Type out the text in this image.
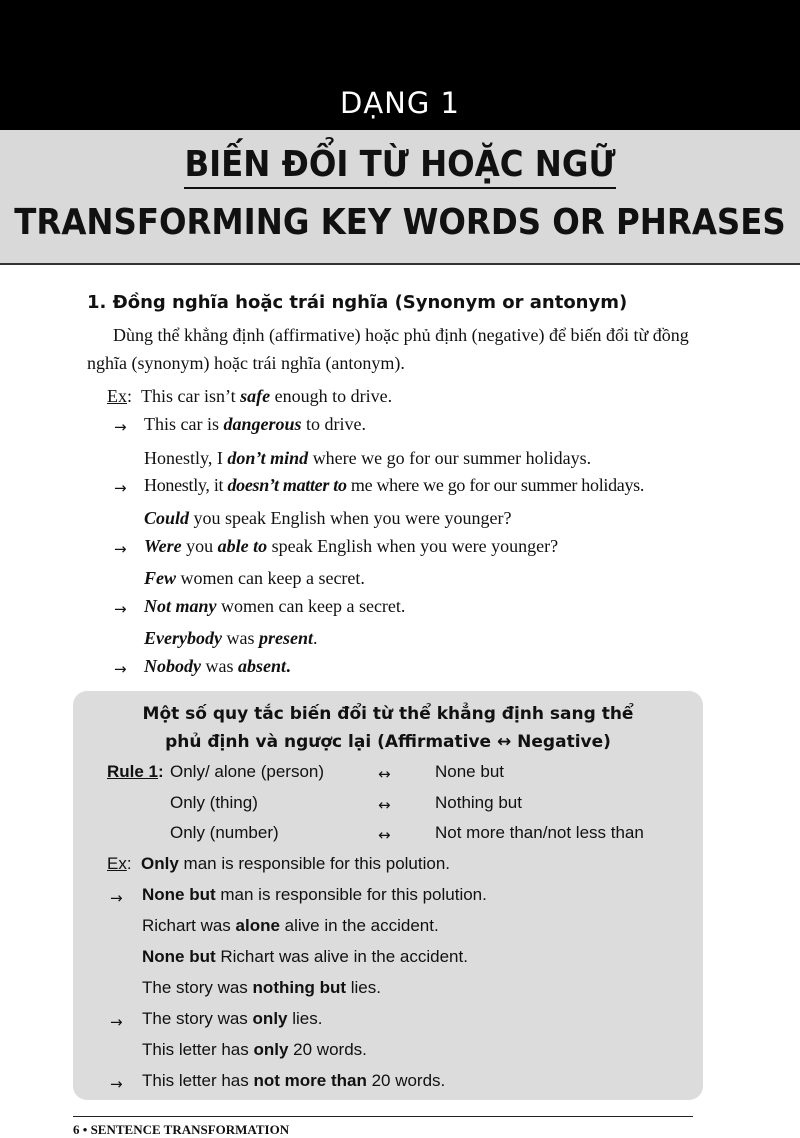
DẠNG 1
BIẾN ĐỔI TỪ HOẶC NGỮ
TRANSFORMING KEY WORDS OR PHRASES
1. Đồng nghĩa hoặc trái nghĩa (Synonym or antonym)
Dùng thể khẳng định (affirmative) hoặc phủ định (negative) để biến đổi từ đồng nghĩa (synonym) hoặc trái nghĩa (antonym).
Ex:  This car isn’t safe enough to drive.
→ This car is dangerous to drive.
Honestly, I don’t mind where we go for our summer holidays.
→ Honestly, it doesn’t matter to me where we go for our summer holidays.
Could you speak English when you were younger?
→ Were you able to speak English when you were younger?
Few women can keep a secret.
→ Not many women can keep a secret.
Everybody was present.
→ Nobody was absent.
Một số quy tắc biến đổi từ thể khẳng định sang thể
phủ định và ngược lại (Affirmative ↔ Negative)
Rule 1: Only/ alone (person)	↔	None but
Only (thing)	↔	Nothing but
Only (number)	↔	Not more than/not less than
Ex:  Only man is responsible for this polution.
→ None but man is responsible for this polution.
Richart was alone alive in the accident.
None but Richart was alive in the accident.
The story was nothing but lies.
→ The story was only lies.
This letter has only 20 words.
→ This letter has not more than 20 words.
6 • SENTENCE TRANSFORMATION
